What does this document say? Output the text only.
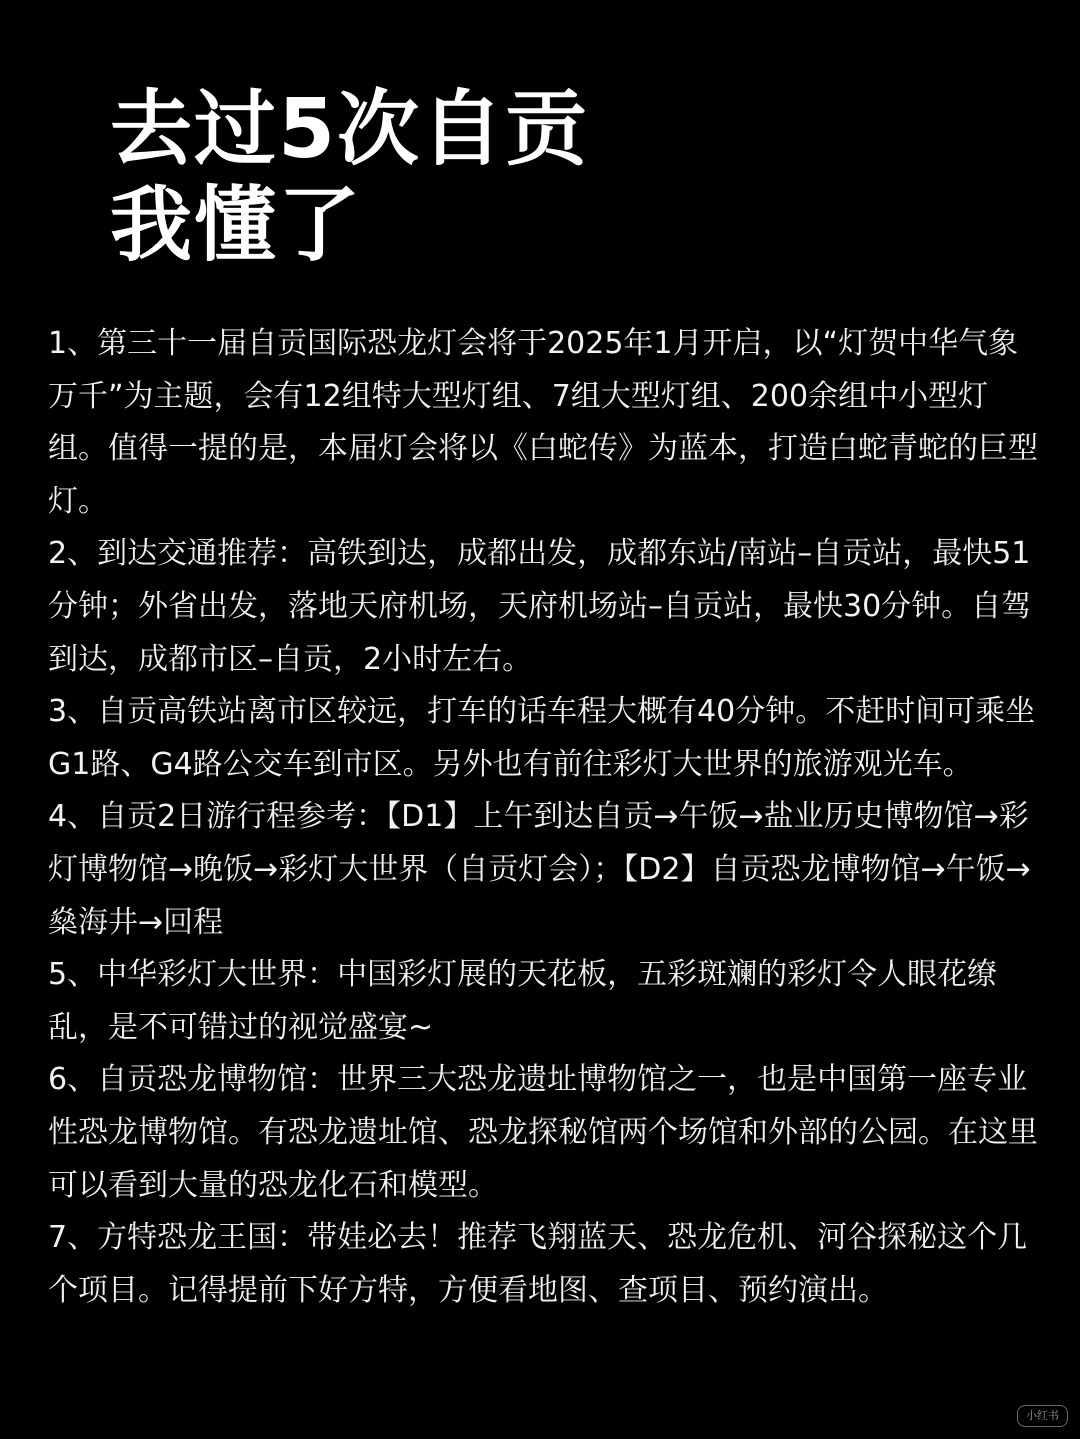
去过5次自贡
我懂了

1、第三十一届自贡国际恐龙灯会将于2025年1月开启，以“灯贺中华气象万千”为主题，会有12组特大型灯组、7组大型灯组、200余组中小型灯组。值得一提的是，本届灯会将以《白蛇传》为蓝本，打造白蛇青蛇的巨型灯。

2、到达交通推荐：高铁到达，成都出发，成都东站/南站–自贡站，最快51分钟；外省出发，落地天府机场，天府机场站–自贡站，最快30分钟。自驾到达，成都市区–自贡，2小时左右。

3、自贡高铁站离市区较远，打车的话车程大概有40分钟。不赶时间可乘坐G1路、G4路公交车到市区。另外也有前往彩灯大世界的旅游观光车。

4、自贡2日游行程参考：【D1】上午到达自贡→午饭→盐业历史博物馆→彩灯博物馆→晚饭→彩灯大世界（自贡灯会）；【D2】自贡恐龙博物馆→午饭→燊海井→回程

5、中华彩灯大世界：中国彩灯展的天花板，五彩斑斓的彩灯令人眼花缭乱，是不可错过的视觉盛宴~

6、自贡恐龙博物馆：世界三大恐龙遗址博物馆之一，也是中国第一座专业性恐龙博物馆。有恐龙遗址馆、恐龙探秘馆两个场馆和外部的公园。在这里可以看到大量的恐龙化石和模型。

7、方特恐龙王国：带娃必去！推荐飞翔蓝天、恐龙危机、河谷探秘这个几个项目。记得提前下好方特，方便看地图、查项目、预约演出。

小红书
